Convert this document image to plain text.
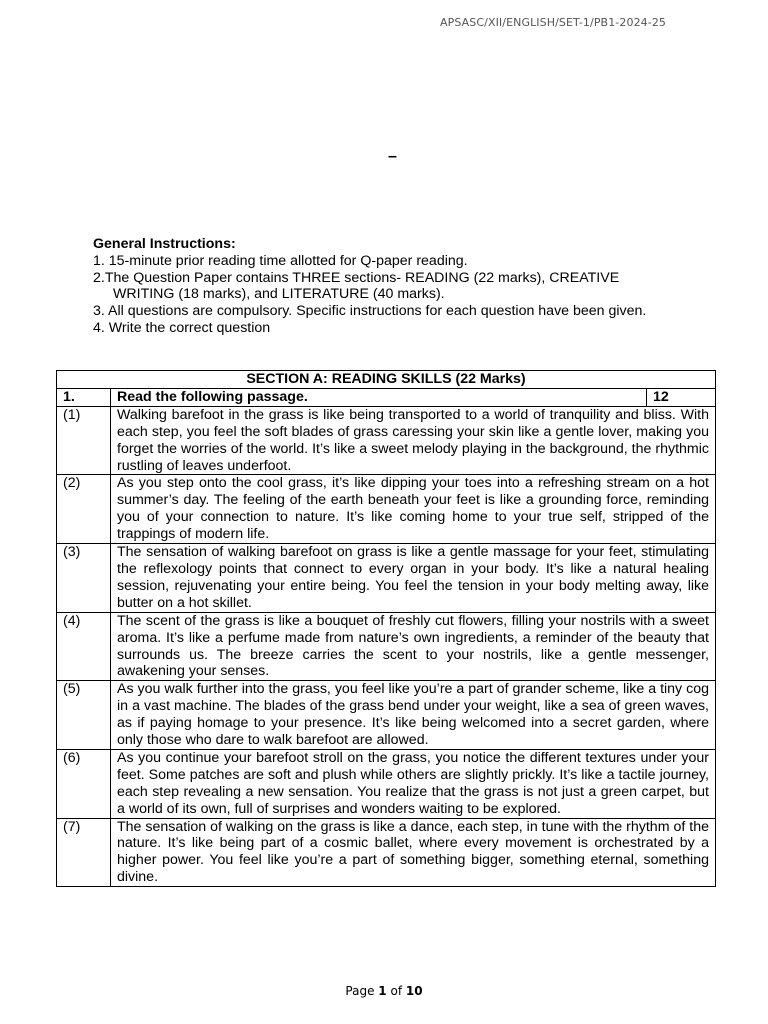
APSASC/XII/ENGLISH/SET-1/PB1-2024-25
–
General Instructions:
1. 15-minute prior reading time allotted for Q-paper reading.
2.The Question Paper contains THREE sections- READING (22 marks), CREATIVE
WRITING (18 marks), and LITERATURE (40 marks).
3. All questions are compulsory. Specific instructions for each question have been given.
4. Write the correct question
SECTION A: READING SKILLS (22 Marks)		
1.	Read the following passage.	12
(1)	Walking barefoot in the grass is like being transported to a world of tranquility and bliss. With each step, you feel the soft blades of grass caressing your skin like a gentle lover, making you forget the worries of the world. It’s like a sweet melody playing in the background, the rhythmic rustling of leaves underfoot.	
(2)	As you step onto the cool grass, it’s like dipping your toes into a refreshing stream on a hot summer’s day. The feeling of the earth beneath your feet is like a grounding force, reminding you of your connection to nature. It’s like coming home to your true self, stripped of the trappings of modern life.	
(3)	The sensation of walking barefoot on grass is like a gentle massage for your feet, stimulating the reflexology points that connect to every organ in your body. It’s like a natural healing session, rejuvenating your entire being. You feel the tension in your body melting away, like butter on a hot skillet.	
(4)	The scent of the grass is like a bouquet of freshly cut flowers, filling your nostrils with a sweet aroma. It’s like a perfume made from nature’s own ingredients, a reminder of the beauty that surrounds us. The breeze carries the scent to your nostrils, like a gentle messenger, awakening your senses.	
(5)	As you walk further into the grass, you feel like you’re a part of grander scheme, like a tiny cog in a vast machine. The blades of the grass bend under your weight, like a sea of green waves, as if paying homage to your presence. It’s like being welcomed into a secret garden, where only those who dare to walk barefoot are allowed.	
(6)	As you continue your barefoot stroll on the grass, you notice the different textures under your feet. Some patches are soft and plush while others are slightly prickly. It’s like a tactile journey, each step revealing a new sensation. You realize that the grass is not just a green carpet, but a world of its own, full of surprises and wonders waiting to be explored.	
(7)	The sensation of walking on the grass is like a dance, each step, in tune with the rhythm of the nature. It’s like being part of a cosmic ballet, where every movement is orchestrated by a higher power. You feel like you’re a part of something bigger, something eternal, something divine.	
Page 1 of 10
